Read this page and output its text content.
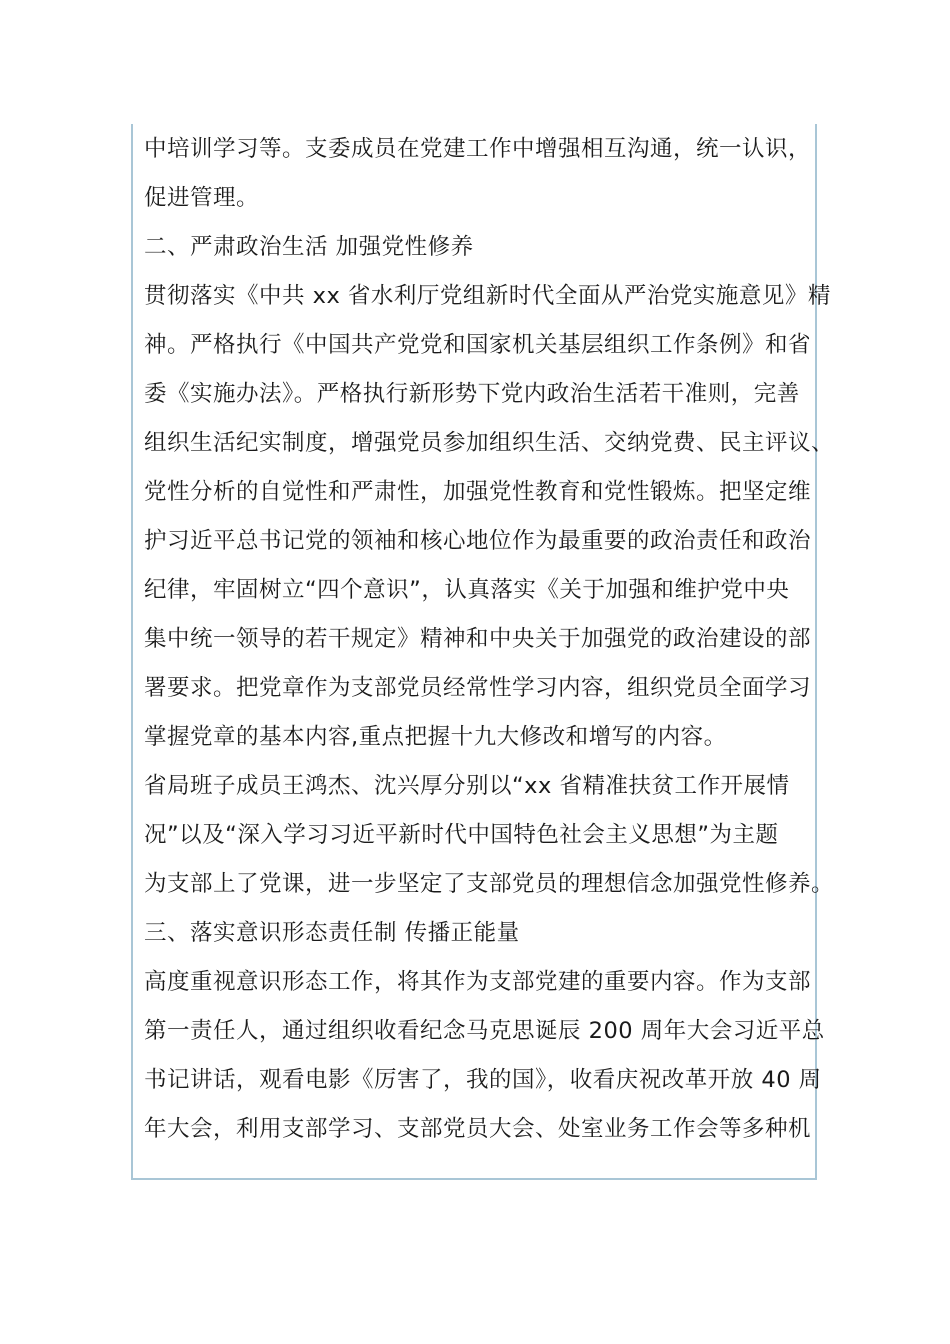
中培训学习等。支委成员在党建工作中增强相互沟通，统一认识，
促进管理。
二、严肃政治生活 加强党性修养
贯彻落实《中共 xx 省水利厅党组新时代全面从严治党实施意见》精
神。严格执行《中国共产党党和国家机关基层组织工作条例》和省
委《实施办法》。严格执行新形势下党内政治生活若干准则，完善
组织生活纪实制度，增强党员参加组织生活、交纳党费、民主评议、
党性分析的自觉性和严肃性，加强党性教育和党性锻炼。把坚定维
护习近平总书记党的领袖和核心地位作为最重要的政治责任和政治
纪律，牢固树立“四个意识”，认真落实《关于加强和维护党中央
集中统一领导的若干规定》精神和中央关于加强党的政治建设的部
署要求。把党章作为支部党员经常性学习内容，组织党员全面学习
掌握党章的基本内容,重点把握十九大修改和增写的内容。
省局班子成员王鸿杰、沈兴厚分别以“xx 省精准扶贫工作开展情
况”以及“深入学习习近平新时代中国特色社会主义思想”为主题
为支部上了党课，进一步坚定了支部党员的理想信念加强党性修养。
三、落实意识形态责任制 传播正能量
高度重视意识形态工作，将其作为支部党建的重要内容。作为支部
第一责任人，通过组织收看纪念马克思诞辰 200 周年大会习近平总
书记讲话，观看电影《厉害了，我的国》，收看庆祝改革开放 40 周
年大会，利用支部学习、支部党员大会、处室业务工作会等多种机
